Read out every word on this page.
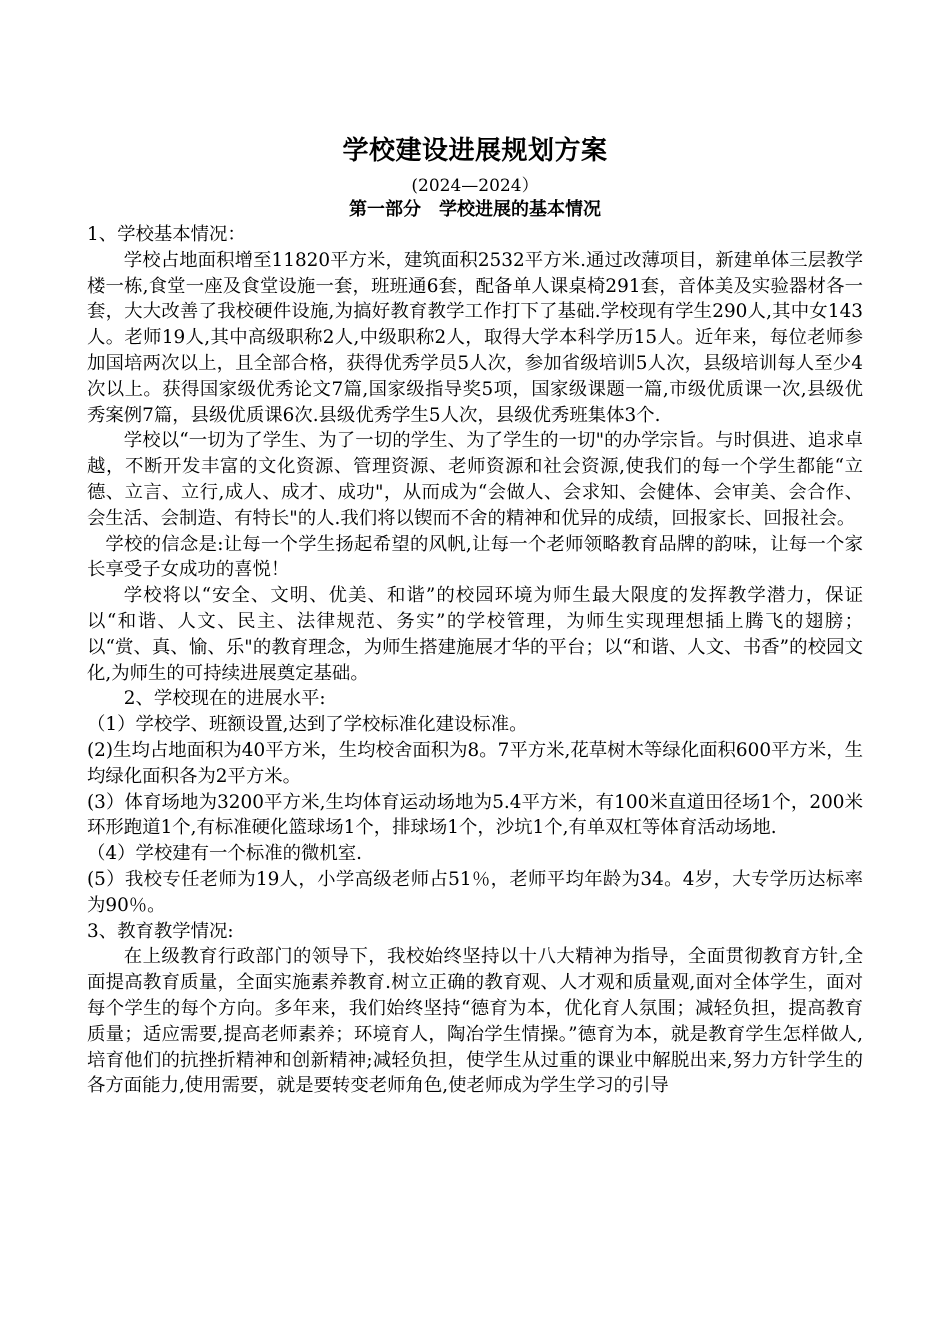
学校建设进展规划方案

(2024—2024）

第一部分　学校进展的基本情况

1、学校基本情况：

学校占地面积增至11820平方米，建筑面积2532平方米.通过改薄项目，新建单体三层教学楼一栋,食堂一座及食堂设施一套，班班通6套，配备单人课桌椅291套，音体美及实验器材各一套，大大改善了我校硬件设施,为搞好教育教学工作打下了基础.学校现有学生290人,其中女143人。老师19人,其中高级职称2人,中级职称2人，取得大学本科学历15人。近年来，每位老师参加国培两次以上，且全部合格，获得优秀学员5人次，参加省级培训5人次，县级培训每人至少4次以上。获得国家级优秀论文7篇,国家级指导奖5项，国家级课题一篇,市级优质课一次,县级优秀案例7篇，县级优质课6次.县级优秀学生5人次，县级优秀班集体3个.

学校以“一切为了学生、为了一切的学生、为了学生的一切"的办学宗旨。与时俱进、追求卓越，不断开发丰富的文化资源、管理资源、老师资源和社会资源,使我们的每一个学生都能“立德、立言、立行,成人、成才、成功"，从而成为“会做人、会求知、会健体、会审美、会合作、会生活、会制造、有特长"的人.我们将以锲而不舍的精神和优异的成绩，回报家长、回报社会。

学校的信念是:让每一个学生扬起希望的风帆,让每一个老师领略教育品牌的韵味，让每一个家长享受子女成功的喜悦！

学校将以“安全、文明、优美、和谐”的校园环境为师生最大限度的发挥教学潜力，保证以“和谐、人文、民主、法律规范、务实”的学校管理，为师生实现理想插上腾飞的翅膀；以“赏、真、愉、乐"的教育理念，为师生搭建施展才华的平台；以“和谐、人文、书香”的校园文化,为师生的可持续进展奠定基础。

2、学校现在的进展水平:

（1）学校学、班额设置,达到了学校标准化建设标准。

(2)生均占地面积为40平方米，生均校舍面积为8。7平方米,花草树木等绿化面积600平方米，生均绿化面积各为2平方米。

(3）体育场地为3200平方米,生均体育运动场地为5.4平方米，有100米直道田径场1个，200米环形跑道1个,有标准硬化篮球场1个，排球场1个，沙坑1个,有单双杠等体育活动场地.

（4）学校建有一个标准的微机室.

(5）我校专任老师为19人，小学高级老师占51％，老师平均年龄为34。4岁，大专学历达标率为90％。

3、教育教学情况:

在上级教育行政部门的领导下，我校始终坚持以十八大精神为指导，全面贯彻教育方针,全面提高教育质量，全面实施素养教育.树立正确的教育观、人才观和质量观,面对全体学生，面对每个学生的每个方向。多年来，我们始终坚持“德育为本，优化育人氛围；减轻负担，提高教育质量；适应需要,提高老师素养；环境育人，陶冶学生情操。”德育为本，就是教育学生怎样做人,培育他们的抗挫折精神和创新精神;减轻负担，使学生从过重的课业中解脱出来,努力方针学生的各方面能力,使用需要，就是要转变老师角色,使老师成为学生学习的引导
